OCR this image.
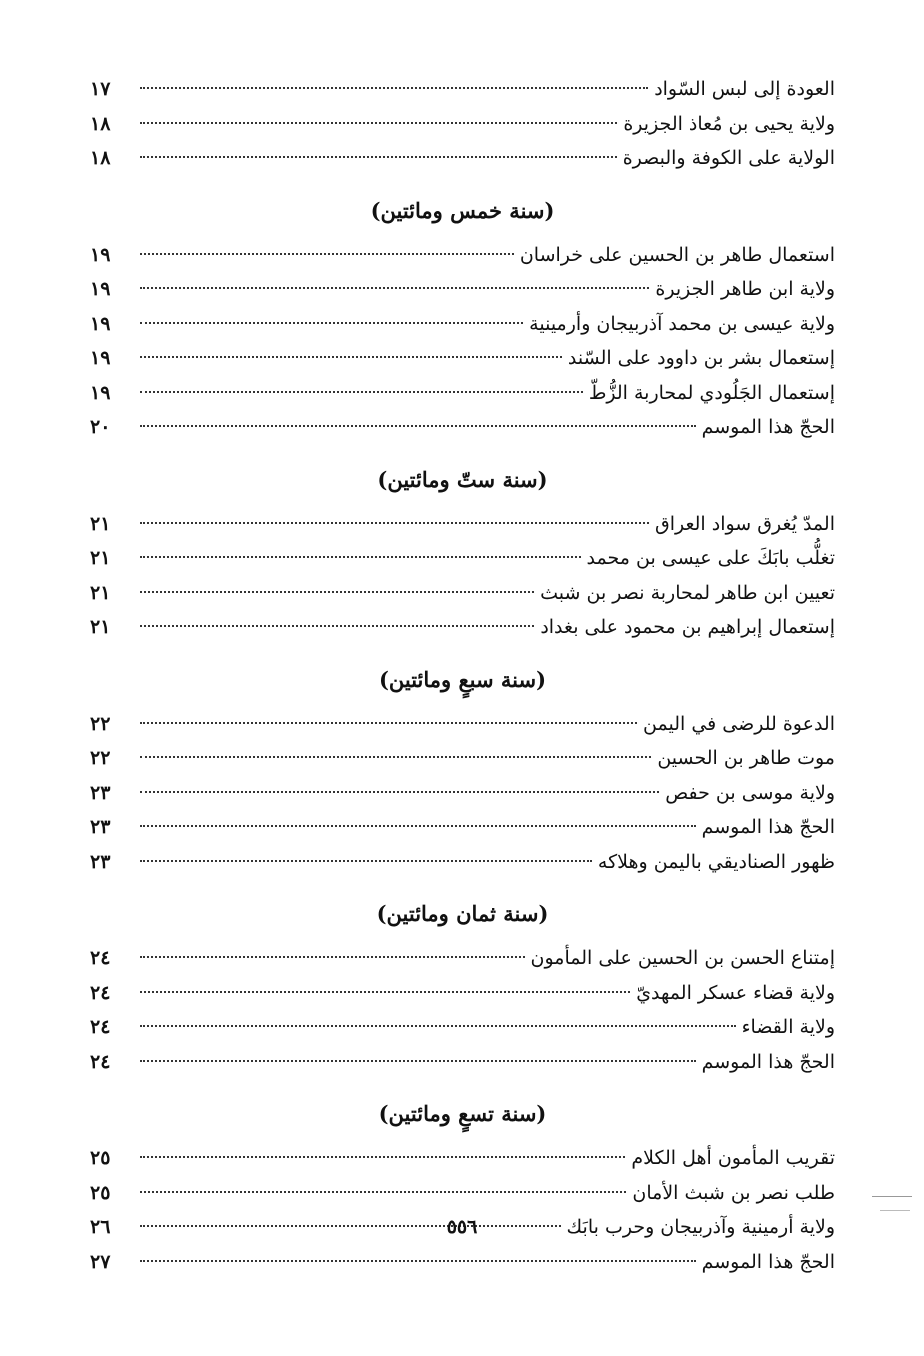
العودة إلى لبس السّواد
١٧
ولاية يحيى بن مُعاذ الجزيرة
١٨
الولاية على الكوفة والبصرة
١٨
(سنة خمس ومائتين)
استعمال طاهر بن الحسين على خراسان
١٩
ولاية ابن طاهر الجزيرة
١٩
ولاية عيسى بن محمد آذربيجان وأرمينية
١٩
إستعمال بشر بن داوود على السّند
١٩
إستعمال الجَلُودي لمحاربة الزُّطّ
١٩
الحجّ هذا الموسم
٢٠
(سنة ستّ ومائتين)
المدّ يُغرق سواد العراق
٢١
تغلُّب بابَكَ على عيسى بن محمد
٢١
تعيين ابن طاهر لمحاربة نصر بن شبث
٢١
إستعمال إبراهيم بن محمود على بغداد
٢١
(سنة سبعٍ ومائتين)
الدعوة للرضى في اليمن
٢٢
موت طاهر بن الحسين
٢٢
ولاية موسى بن حفص
٢٣
الحجّ هذا الموسم
٢٣
ظهور الصناديقي باليمن وهلاكه
٢٣
(سنة ثمان ومائتين)
إمتناع الحسن بن الحسين على المأمون
٢٤
ولاية قضاء عسكر المهديّ
٢٤
ولاية القضاء
٢٤
الحجّ هذا الموسم
٢٤
(سنة تسعٍ ومائتين)
تقريب المأمون أهل الكلام
٢٥
طلب نصر بن شبث الأمان
٢٥
ولاية أرمينية وآذربيجان وحرب بابَك
٢٦
الحجّ هذا الموسم
٢٧
٥٥٦
